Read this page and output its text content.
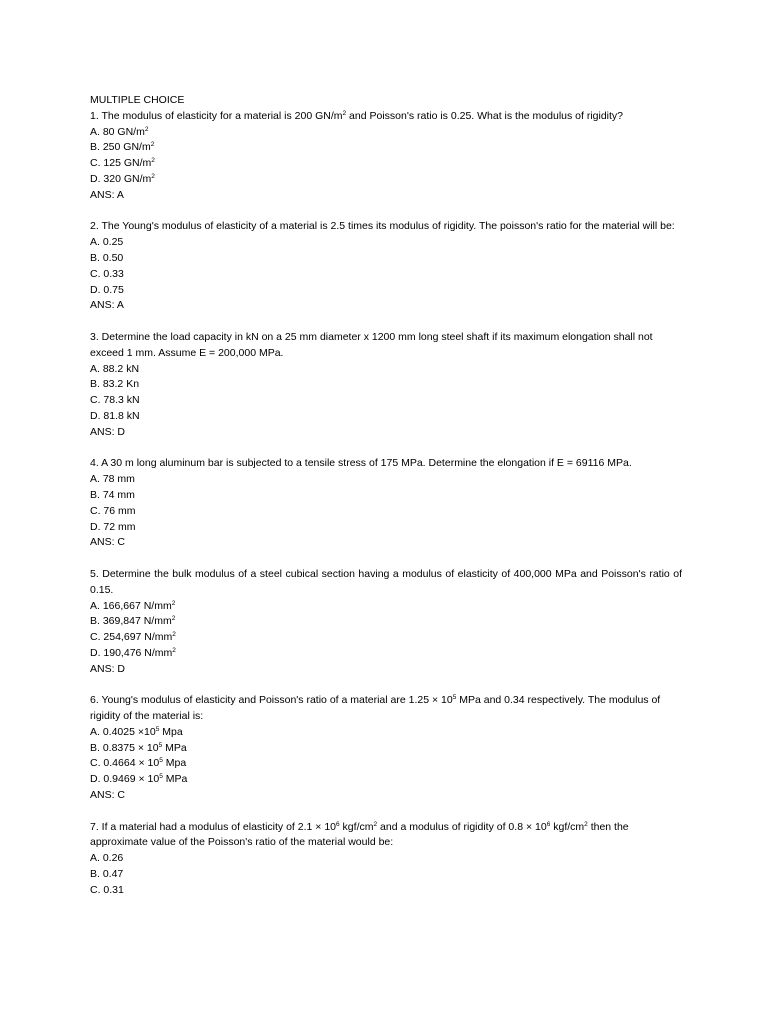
MULTIPLE CHOICE
1. The modulus of elasticity for a material is 200 $GN/m^2$ and Poisson's ratio is 0.25. What is the modulus of rigidity?
A. 80 $GN/m^2$
B. 250 $GN/m^2$
C. 125 $GN/m^2$
D. 320 $GN/m^2$
ANS: A
2. The Young's modulus of elasticity of a material is 2.5 times its modulus of rigidity. The poisson's ratio for the material will be:
A. 0.25
B. 0.50
C. 0.33
D. 0.75
ANS: A
3. Determine the load capacity in kN on a 25 mm diameter x 1200 mm long steel shaft if its maximum elongation shall not exceed 1 mm. Assume E = 200,000 MPa.
A. 88.2 kN
B. 83.2 Kn
C. 78.3 kN
D. 81.8 kN
ANS: D
4. A 30 m long aluminum bar is subjected to a tensile stress of 175 MPa. Determine the elongation if E = 69116 MPa.
A. 78 mm
B. 74 mm
C. 76 mm
D. 72 mm
ANS: C
5. Determine the bulk modulus of a steel cubical section having a modulus of elasticity of 400,000 MPa and Poisson's ratio of 0.15.
A. 166,667 $N/mm^2$
B. 369,847 $N/mm^2$
C. 254,697 $N/mm^2$
D. 190,476 $N/mm^2$
ANS: D
6. Young's modulus of elasticity and Poisson's ratio of a material are $1.25 \times 10^5$ MPa and 0.34 respectively. The modulus of rigidity of the material is:
A. $0.4025 \times 10^5$ Mpa
B. $0.8375 \times 10^5$ MPa
C. $0.4664 \times 10^5$ Mpa
D. $0.9469 \times 10^5$ MPa
ANS: C
7. If a material had a modulus of elasticity of $2.1 \times 10^6$ kgf/$cm^2$ and a modulus of rigidity of $0.8 \times 10^6$ kgf/$cm^2$ then the approximate value of the Poisson's ratio of the material would be:
A. 0.26
B. 0.47
C. 0.31
